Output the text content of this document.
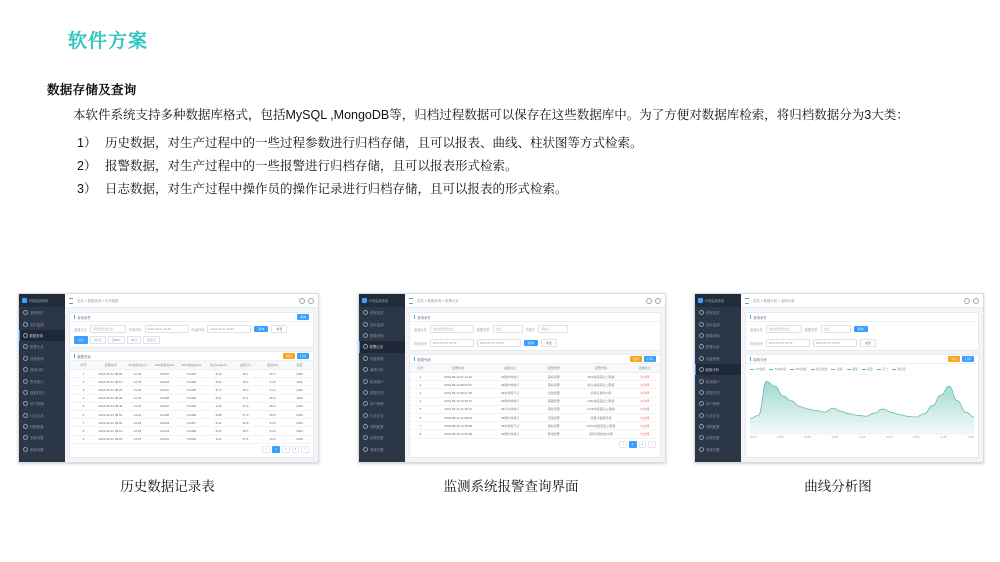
软件方案
数据存储及查询

本软件系统支持多种数据库格式，包括MySQL ,MongoDB等，归档过程数据可以保存在这些数据库中。为了方便对数据库检索，将归档数据分为3大类：

1） 历史数据，对生产过程中的一些过程参数进行归档存储，且可以报表、曲线、柱状图等方式检索。
2） 报警数据，对生产过程中的一些报警进行归档存储，且可以报表形式检索。
3） 日志数据，对生产过程中操作员的操作记录进行归档存储，且可以报表的形式检索。
环境监测系统
系统首页
实时监测
数据查询
报警记录
设备管理
曲线分析
报表统计
数据归档
用户管理
日志记录
权限配置
参数设置
系统设置
首页 > 数据查询 > 历史数据
查询条件	查询
监测点位	请选择监测点位	开始时间	2023-05-01 00:00	结束时间	2023-05-31 23:59	查询	重置
今日	近7天	近30天	本月	自定义
数据列表	导出	打印
序号	采集时间	CO浓度(ppm)	SO2浓度(ppm)	NOx浓度(ppm)	粉尘(mg/m³)	温度(℃)	湿度(%)	流量
1	2023-05-12 08:00	12.35	0.0216	0.0451	8.32	26.4	52.1	1205
2	2023-05-12 08:10	12.78	0.0224	0.0463	8.54	26.6	51.8	1211
3	2023-05-12 08:20	13.02	0.0231	0.0478	8.77	26.9	51.2	1220
4	2023-05-12 08:30	12.91	0.0228	0.0469	8.61	27.1	50.9	1198
5	2023-05-12 08:40	13.44	0.0242	0.0491	9.03	27.3	50.4	1233
6	2023-05-12 08:50	13.10	0.0235	0.0482	8.88	27.0	50.8	1226
7	2023-05-12 09:00	12.66	0.0219	0.0457	8.41	26.8	51.5	1209
8	2023-05-12 09:10	12.52	0.0214	0.0448	8.26	26.5	51.9	1202
9	2023-05-12 09:20	13.87	0.0251	0.0503	9.24	27.6	49.8	1248
<	1	2	3	>
历史数据记录表
环境监测系统
系统首页
实时监测
数据查询
报警记录
设备管理
曲线分析
报表统计
数据归档
用户管理
日志记录
权限配置
参数设置
系统设置
首页 > 数据查询 > 报警记录
查询条件
监测点位	请选择监测点位	数据类型	全部	关键字	请输入
时间范围	2023-05-01 00:00	2023-05-31 23:59	查询	重置
数据列表	导出	打印
序号	报警时间	监测点位	报警类型	报警内容	处理状态
1	2023-05-12 07:14:22	1#锅炉排放口	超标报警	SO2浓度超过上限值	未处理
2	2023-05-12 08:02:37	2#锅炉排放口	超标报警	粉尘浓度超过上限值	未处理
3	2023-05-12 09:31:05	3#车间废气口	设备报警	采集仪通讯中断	未处理
4	2023-05-12 10:45:51	1#锅炉排放口	超限报警	NOx浓度超过上限值	未处理
5	2023-05-12 11:28:13	4#污水排放口	超标报警	COD浓度超过上限值	未处理
6	2023-05-12 12:06:44	2#锅炉排放口	设备报警	流量计数据异常	未处理
7	2023-05-12 13:19:28	3#车间废气口	超标报警	VOCs浓度超过上限值	未处理
8	2023-05-12 14:52:09	1#锅炉排放口	断电报警	现场设备供电中断	未处理
<	1	2	>
监测系统报警查询界面
环境监测系统
系统首页
实时监测
数据查询
报警记录
设备管理
曲线分析
报表统计
数据归档
用户管理
日志记录
权限配置
参数设置
系统设置
首页 > 数据分析 > 曲线分析
查询条件
监测点位	请选择监测点位	数据类型	全部	查询
时间范围	2023-05-01 00:00	2023-05-31 23:59	重置
曲线分析	导出	打印
CO浓度	SO2浓度	NOx浓度	粉尘浓度	温度	湿度	流量	压力	氧含量
00:00	03:00	06:00	09:00	12:00	15:00	18:00	21:00	24:00
曲线分析图
